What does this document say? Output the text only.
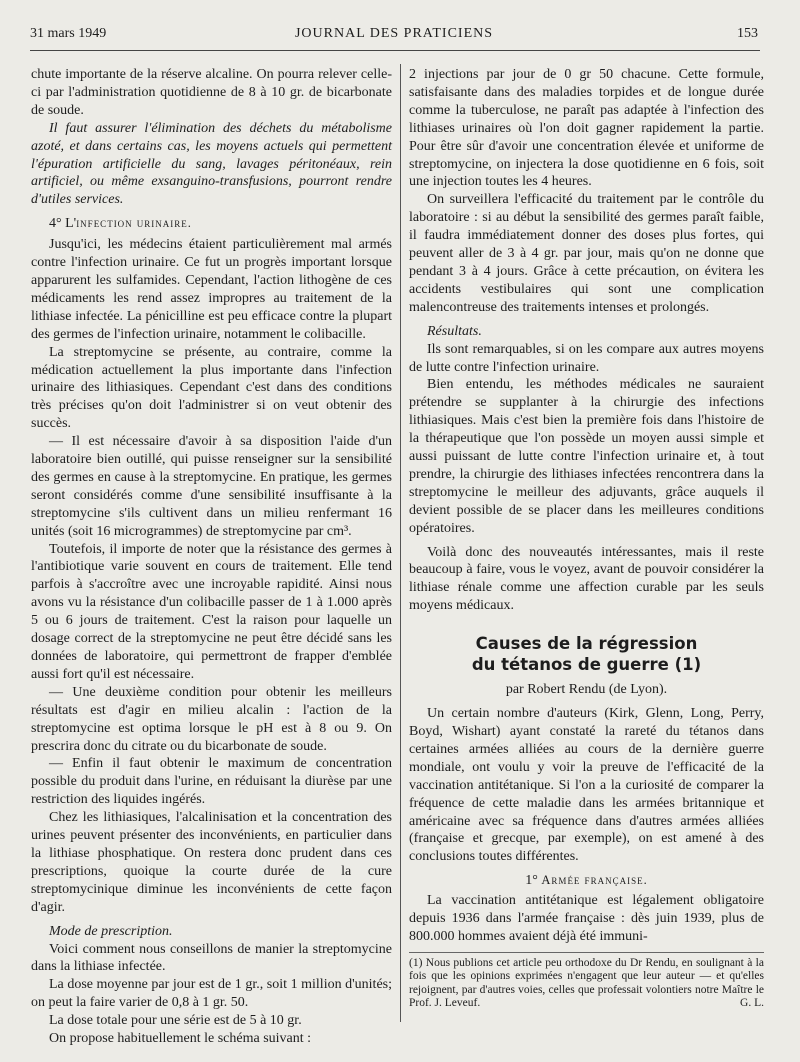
31 mars 1949	JOURNAL DES PRATICIENS	153

chute importante de la réserve alcaline. On pourra relever celle-ci par l'administration quotidienne de 8 à 10 gr. de bicarbonate de soude.

Il faut assurer l'élimination des déchets du métabolisme azoté, et dans certains cas, les moyens actuels qui permettent l'épuration artificielle du sang, lavages péritonéaux, rein artificiel, ou même exsanguino-transfusions, pourront rendre d'utiles services.

4° L'infection urinaire.

Jusqu'ici, les médecins étaient particulièrement mal armés contre l'infection urinaire. Ce fut un progrès important lorsque apparurent les sulfamides. Cependant, l'action lithogène de ces médicaments les rend assez impropres au traitement de la lithiase infectée. La pénicilline est peu efficace contre la plupart des germes de l'infection urinaire, notamment le colibacille.

La streptomycine se présente, au contraire, comme la médication actuellement la plus importante dans l'infection urinaire des lithiasiques. Cependant c'est dans des conditions très précises qu'on doit l'administrer si on veut obtenir des succès.

— Il est nécessaire d'avoir à sa disposition l'aide d'un laboratoire bien outillé, qui puisse renseigner sur la sensibilité des germes en cause à la streptomycine. En pratique, les germes seront considérés comme d'une sensibilité insuffisante à la streptomycine s'ils cultivent dans un milieu renfermant 16 unités (soit 16 microgrammes) de streptomycine par cm³.

Toutefois, il importe de noter que la résistance des germes à l'antibiotique varie souvent en cours de traitement. Elle tend parfois à s'accroître avec une incroyable rapidité. Ainsi nous avons vu la résistance d'un colibacille passer de 1 à 1.000 après 5 ou 6 jours de traitement. C'est la raison pour laquelle un dosage correct de la streptomycine ne peut être décidé sans les données de laboratoire, qui permettront de frapper d'emblée aussi fort qu'il est nécessaire.

— Une deuxième condition pour obtenir les meilleurs résultats est d'agir en milieu alcalin : l'action de la streptomycine est optima lorsque le pH est à 8 ou 9. On prescrira donc du citrate ou du bicarbonate de soude.

— Enfin il faut obtenir le maximum de concentration possible du produit dans l'urine, en réduisant la diurèse par une restriction des liquides ingérés.

Chez les lithiasiques, l'alcalinisation et la concentration des urines peuvent présenter des inconvénients, en particulier dans la lithiase phosphatique. On restera donc prudent dans ces prescriptions, quoique la courte durée de la cure streptomycinique diminue les inconvénients de cette façon d'agir.

Mode de prescription.

Voici comment nous conseillons de manier la streptomycine dans la lithiase infectée.

La dose moyenne par jour est de 1 gr., soit 1 million d'unités; on peut la faire varier de 0,8 à 1 gr. 50.

La dose totale pour une série est de 5 à 10 gr.

On propose habituellement le schéma suivant :

2 injections par jour de 0 gr 50 chacune. Cette formule, satisfaisante dans des maladies torpides et de longue durée comme la tuberculose, ne paraît pas adaptée à l'infection des lithiases urinaires où l'on doit gagner rapidement la partie. Pour être sûr d'avoir une concentration élevée et uniforme de streptomycine, on injectera la dose quotidienne en 6 fois, soit une injection toutes les 4 heures.

On surveillera l'efficacité du traitement par le contrôle du laboratoire : si au début la sensibilité des germes paraît faible, il faudra immédiatement donner des doses plus fortes, qui peuvent aller de 3 à 4 gr. par jour, mais qu'on ne donne que pendant 3 à 4 jours. Grâce à cette précaution, on évitera les accidents vestibulaires qui sont une complication malencontreuse des traitements intenses et prolongés.

Résultats.

Ils sont remarquables, si on les compare aux autres moyens de lutte contre l'infection urinaire.

Bien entendu, les méthodes médicales ne sauraient prétendre se supplanter à la chirurgie des infections lithiasiques. Mais c'est bien la première fois dans l'histoire de la thérapeutique que l'on possède un moyen aussi simple et aussi puissant de lutte contre l'infection urinaire et, à tout prendre, la chirurgie des lithiases infectées rencontrera dans la streptomycine le meilleur des adjuvants, grâce auquels il devient possible de se placer dans les meilleures conditions opératoires.

Voilà donc des nouveautés intéressantes, mais il reste beaucoup à faire, vous le voyez, avant de pouvoir considérer la lithiase rénale comme une affection curable par les seuls moyens médicaux.

Causes de la régression
du tétanos de guerre (1)
par Robert Rendu (de Lyon).

Un certain nombre d'auteurs (Kirk, Glenn, Long, Perry, Boyd, Wishart) ayant constaté la rareté du tétanos dans certaines armées alliées au cours de la dernière guerre mondiale, ont voulu y voir la preuve de l'efficacité de la vaccination antitétanique. Si l'on a la curiosité de comparer la fréquence de cette maladie dans les armées britannique et américaine avec sa fréquence dans d'autres armées alliées (française et grecque, par exemple), on est amené à des conclusions toutes différentes.

1° Armée française.

La vaccination antitétanique est légalement obligatoire depuis 1936 dans l'armée française : dès juin 1939, plus de 800.000 hommes avaient déjà été immuni-

(1) Nous publions cet article peu orthodoxe du Dr Rendu, en soulignant à la fois que les opinions exprimées n'engagent que leur auteur — et qu'elles rejoignent, par d'autres voies, celles que professait volontiers notre Maître le Prof. J. Leveuf.	G. L.
